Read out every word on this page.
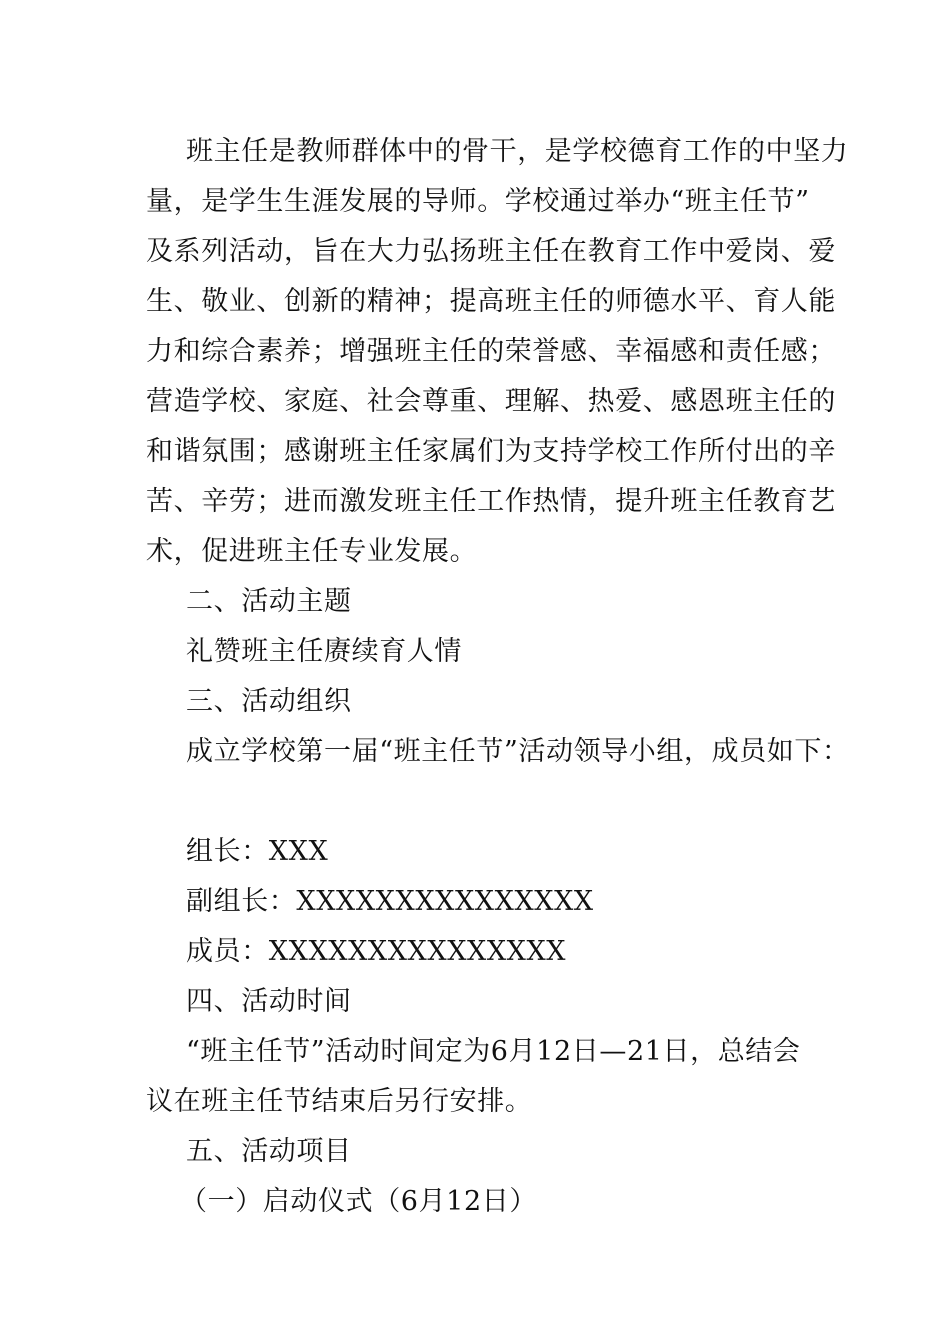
班主任是教师群体中的骨干，是学校德育工作的中坚力
量，是学生生涯发展的导师。学校通过举办“班主任节”
及系列活动，旨在大力弘扬班主任在教育工作中爱岗、爱
生、敬业、创新的精神；提高班主任的师德水平、育人能
力和综合素养；增强班主任的荣誉感、幸福感和责任感；
营造学校、家庭、社会尊重、理解、热爱、感恩班主任的
和谐氛围；感谢班主任家属们为支持学校工作所付出的辛
苦、辛劳；进而激发班主任工作热情，提升班主任教育艺
术，促进班主任专业发展。
二、活动主题
礼赞班主任赓续育人情
三、活动组织
成立学校第一届“班主任节”活动领导小组，成员如下：
组长：XXX
副组长：XXXXXXXXXXXXXXX
成员：XXXXXXXXXXXXXXX
四、活动时间
“班主任节”活动时间定为6月12日—21日，总结会
议在班主任节结束后另行安排。
五、活动项目
（一）启动仪式（6月12日）
